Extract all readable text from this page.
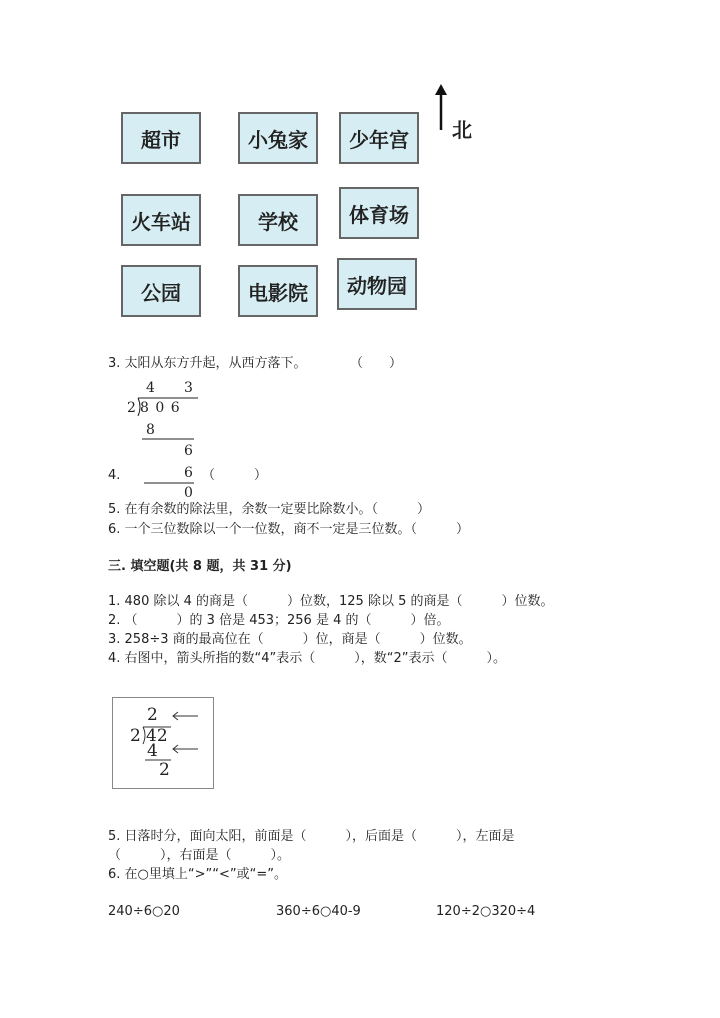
超市	小兔家	少年宫
火车站	学校	体育场
公园	电影院	动物园
北
3. 太阳从东方升起，从西方落下。	（　　）
4 3
2 8 0 6
8
6
6
0
4.	（　　　）
5. 在有余数的除法里，余数一定要比除数小。（　　　）
6. 一个三位数除以一个一位数，商不一定是三位数。（　　　）
三. 填空题(共 8 题，共 31 分)
1. 480 除以 4 的商是（　　　）位数，125 除以 5 的商是（　　　）位数。
2. （　　　）的 3 倍是 453；256 是 4 的（　　　）倍。
3. 258÷3 商的最高位在（　　　）位，商是（　　　）位数。
4. 右图中，箭头所指的数“4”表示（　　　），数“2”表示（　　　）。
2
2 42
4
2
5. 日落时分，面向太阳，前面是（　　　），后面是（　　　），左面是
（　　　），右面是（　　　）。
6. 在○里填上“>”“<”或“=”。
240÷6○20	360÷6○40-9	120÷2○320÷4
